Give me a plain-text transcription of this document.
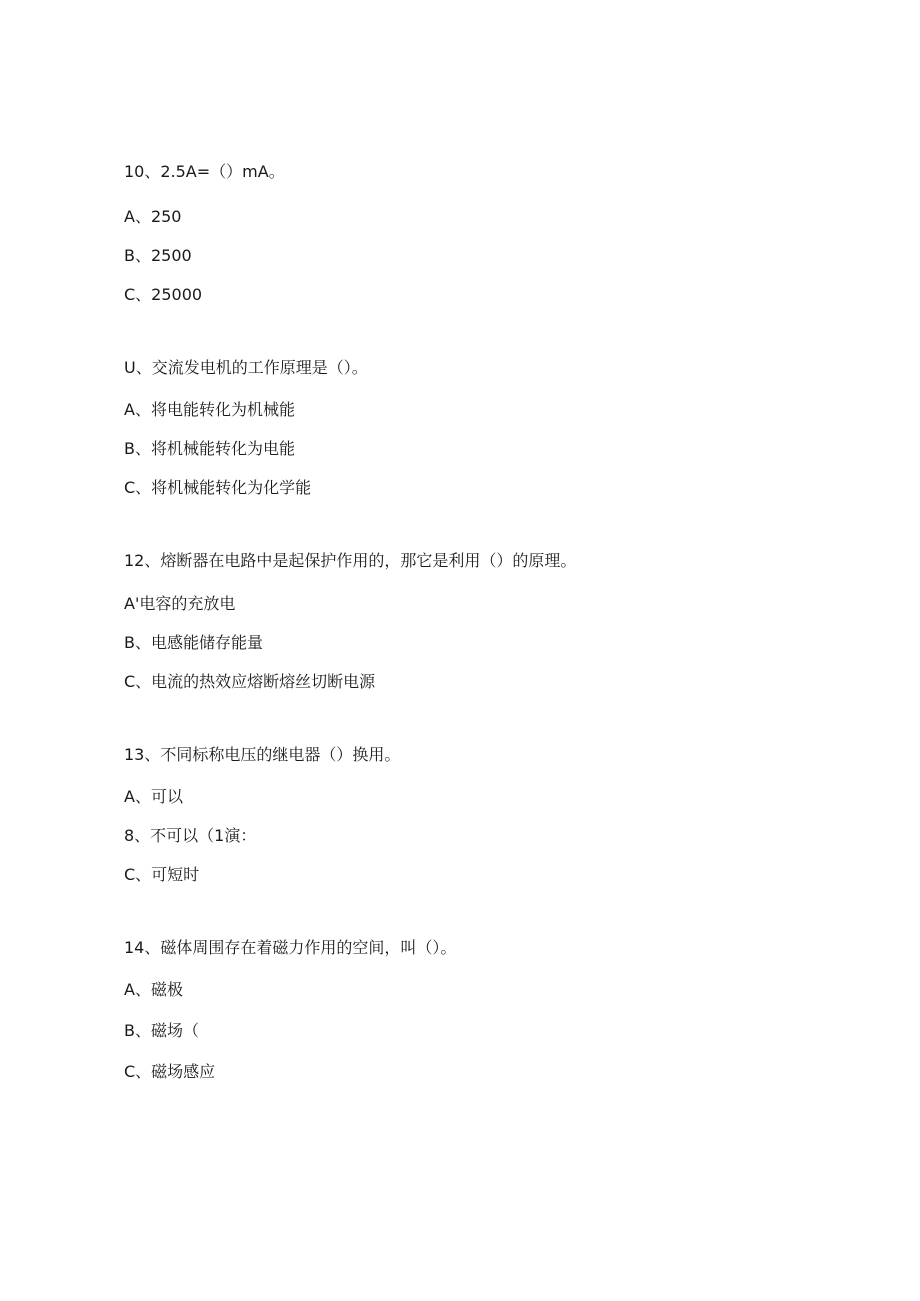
10、2.5A=（）mA。
A、250
B、2500
C、25000
U、交流发电机的工作原理是（）。
A、将电能转化为机械能
B、将机械能转化为电能
C、将机械能转化为化学能
12、熔断器在电路中是起保护作用的，那它是利用（）的原理。
A'电容的充放电
B、电感能储存能量
C、电流的热效应熔断熔丝切断电源
13、不同标称电压的继电器（）换用。
A、可以
8、不可以（1演：
C、可短时
14、磁体周围存在着磁力作用的空间，叫（）。
A、磁极
B、磁场（
C、磁场感应
